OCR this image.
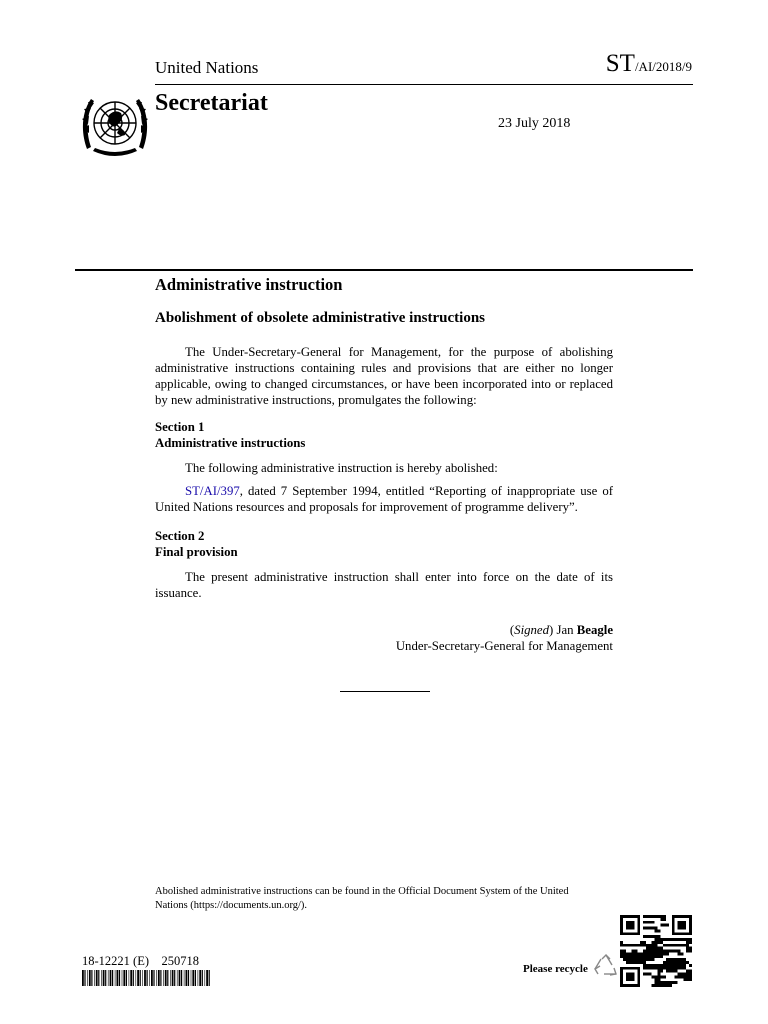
United Nations	ST/AI/2018/9
Secretariat
23 July 2018
Administrative instruction
Abolishment of obsolete administrative instructions
The Under-Secretary-General for Management, for the purpose of abolishing administrative instructions containing rules and provisions that are either no longer applicable, owing to changed circumstances, or have been incorporated into or replaced by new administrative instructions, promulgates the following:
Section 1
Administrative instructions
The following administrative instruction is hereby abolished:
ST/AI/397, dated 7 September 1994, entitled “Reporting of inappropriate use of United Nations resources and proposals for improvement of programme delivery”.
Section 2
Final provision
The present administrative instruction shall enter into force on the date of its issuance.
(Signed) Jan Beagle
Under-Secretary-General for Management
Abolished administrative instructions can be found in the Official Document System of the United Nations (https://documents.un.org/).
18-12221 (E)    250718
Please recycle
